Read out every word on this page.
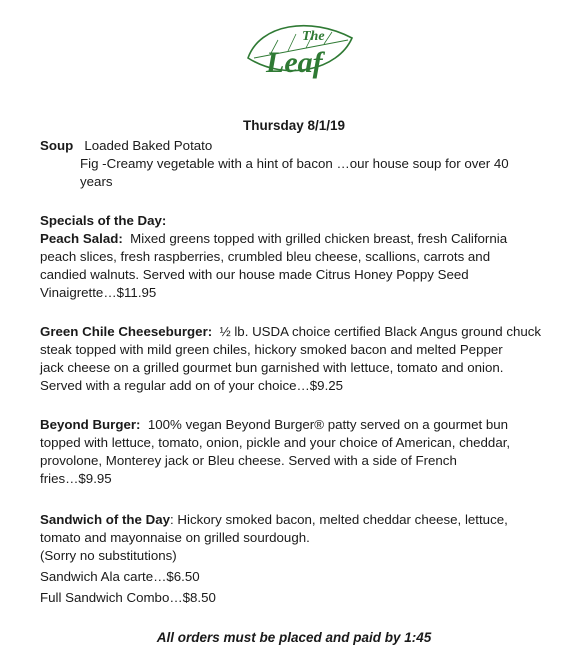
The
Leaf
Thursday 8/1/19
Soup Loaded Baked Potato
Fig -Creamy vegetable with a hint of bacon …our house soup for over 40
years
Specials of the Day:
Peach Salad: Mixed greens topped with grilled chicken breast, fresh California
peach slices, fresh raspberries, crumbled bleu cheese, scallions, carrots and
candied walnuts. Served with our house made Citrus Honey Poppy Seed
Vinaigrette…$11.95
Green Chile Cheeseburger: ½ lb. USDA choice certified Black Angus ground chuck
steak topped with mild green chiles, hickory smoked bacon and melted Pepper
jack cheese on a grilled gourmet bun garnished with lettuce, tomato and onion.
Served with a regular add on of your choice…$9.25
Beyond Burger: 100% vegan Beyond Burger® patty served on a gourmet bun
topped with lettuce, tomato, onion, pickle and your choice of American, cheddar,
provolone, Monterey jack or Bleu cheese. Served with a side of French
fries…$9.95
Sandwich of the Day: Hickory smoked bacon, melted cheddar cheese, lettuce,
tomato and mayonnaise on grilled sourdough.
(Sorry no substitutions)
Sandwich Ala carte…$6.50
Full Sandwich Combo…$8.50
All orders must be placed and paid by 1:45
